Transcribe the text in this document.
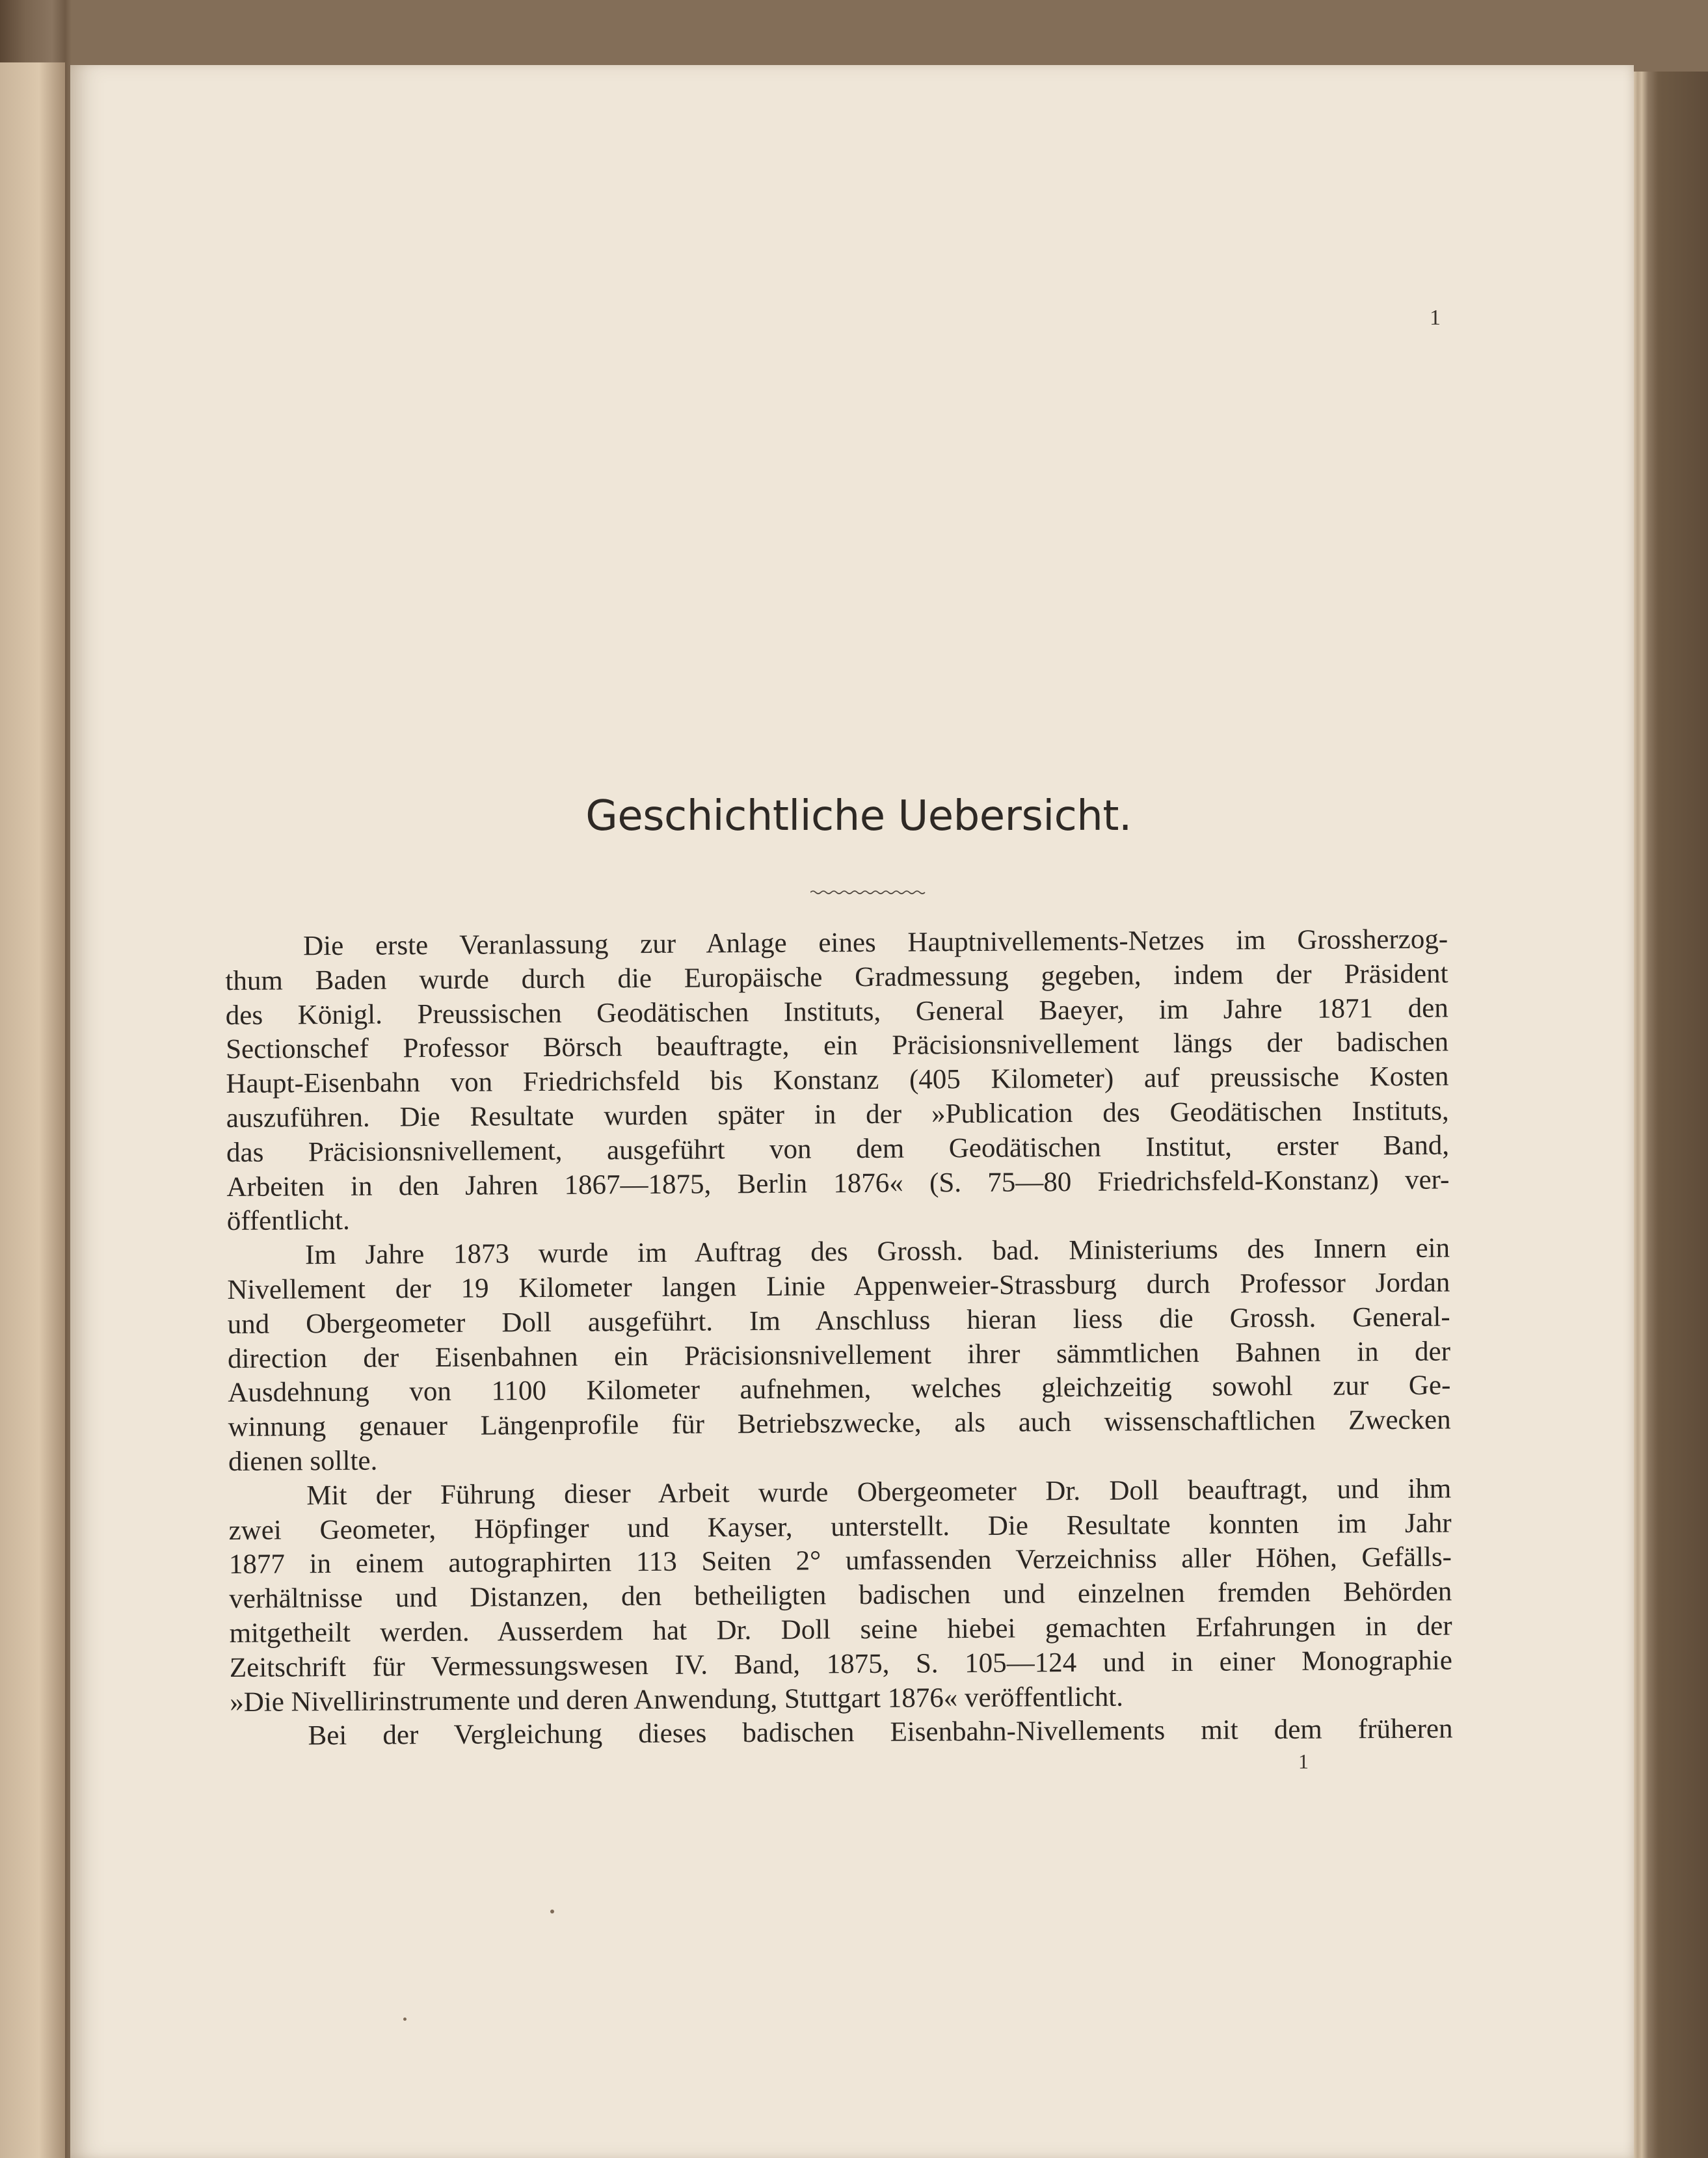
1
Geschichtliche Uebersicht.
Die erste Veranlassung zur Anlage eines Hauptnivellements-Netzes im Grossherzog-
thum Baden wurde durch die Europäische Gradmessung gegeben, indem der Präsident
des Königl. Preussischen Geodätischen Instituts, General Baeyer, im Jahre 1871 den
Sectionschef Professor Börsch beauftragte, ein Präcisionsnivellement längs der badischen
Haupt-Eisenbahn von Friedrichsfeld bis Konstanz (405 Kilometer) auf preussische Kosten
auszuführen. Die Resultate wurden später in der »Publication des Geodätischen Instituts,
das Präcisionsnivellement, ausgeführt von dem Geodätischen Institut, erster Band,
Arbeiten in den Jahren 1867—1875, Berlin 1876« (S. 75—80 Friedrichsfeld-Konstanz) ver-
öffentlicht.
Im Jahre 1873 wurde im Auftrag des Grossh. bad. Ministeriums des Innern ein
Nivellement der 19 Kilometer langen Linie Appenweier-Strassburg durch Professor Jordan
und Obergeometer Doll ausgeführt. Im Anschluss hieran liess die Grossh. General-
direction der Eisenbahnen ein Präcisionsnivellement ihrer sämmtlichen Bahnen in der
Ausdehnung von 1100 Kilometer aufnehmen, welches gleichzeitig sowohl zur Ge-
winnung genauer Längenprofile für Betriebszwecke, als auch wissenschaftlichen Zwecken
dienen sollte.
Mit der Führung dieser Arbeit wurde Obergeometer Dr. Doll beauftragt, und ihm
zwei Geometer, Höpfinger und Kayser, unterstellt. Die Resultate konnten im Jahr
1877 in einem autographirten 113 Seiten 2° umfassenden Verzeichniss aller Höhen, Gefälls-
verhältnisse und Distanzen, den betheiligten badischen und einzelnen fremden Behörden
mitgetheilt werden. Ausserdem hat Dr. Doll seine hiebei gemachten Erfahrungen in der
Zeitschrift für Vermessungswesen IV. Band, 1875, S. 105—124 und in einer Monographie
»Die Nivellirinstrumente und deren Anwendung, Stuttgart 1876« veröffentlicht.
Bei der Vergleichung dieses badischen Eisenbahn-Nivellements mit dem früheren
1
